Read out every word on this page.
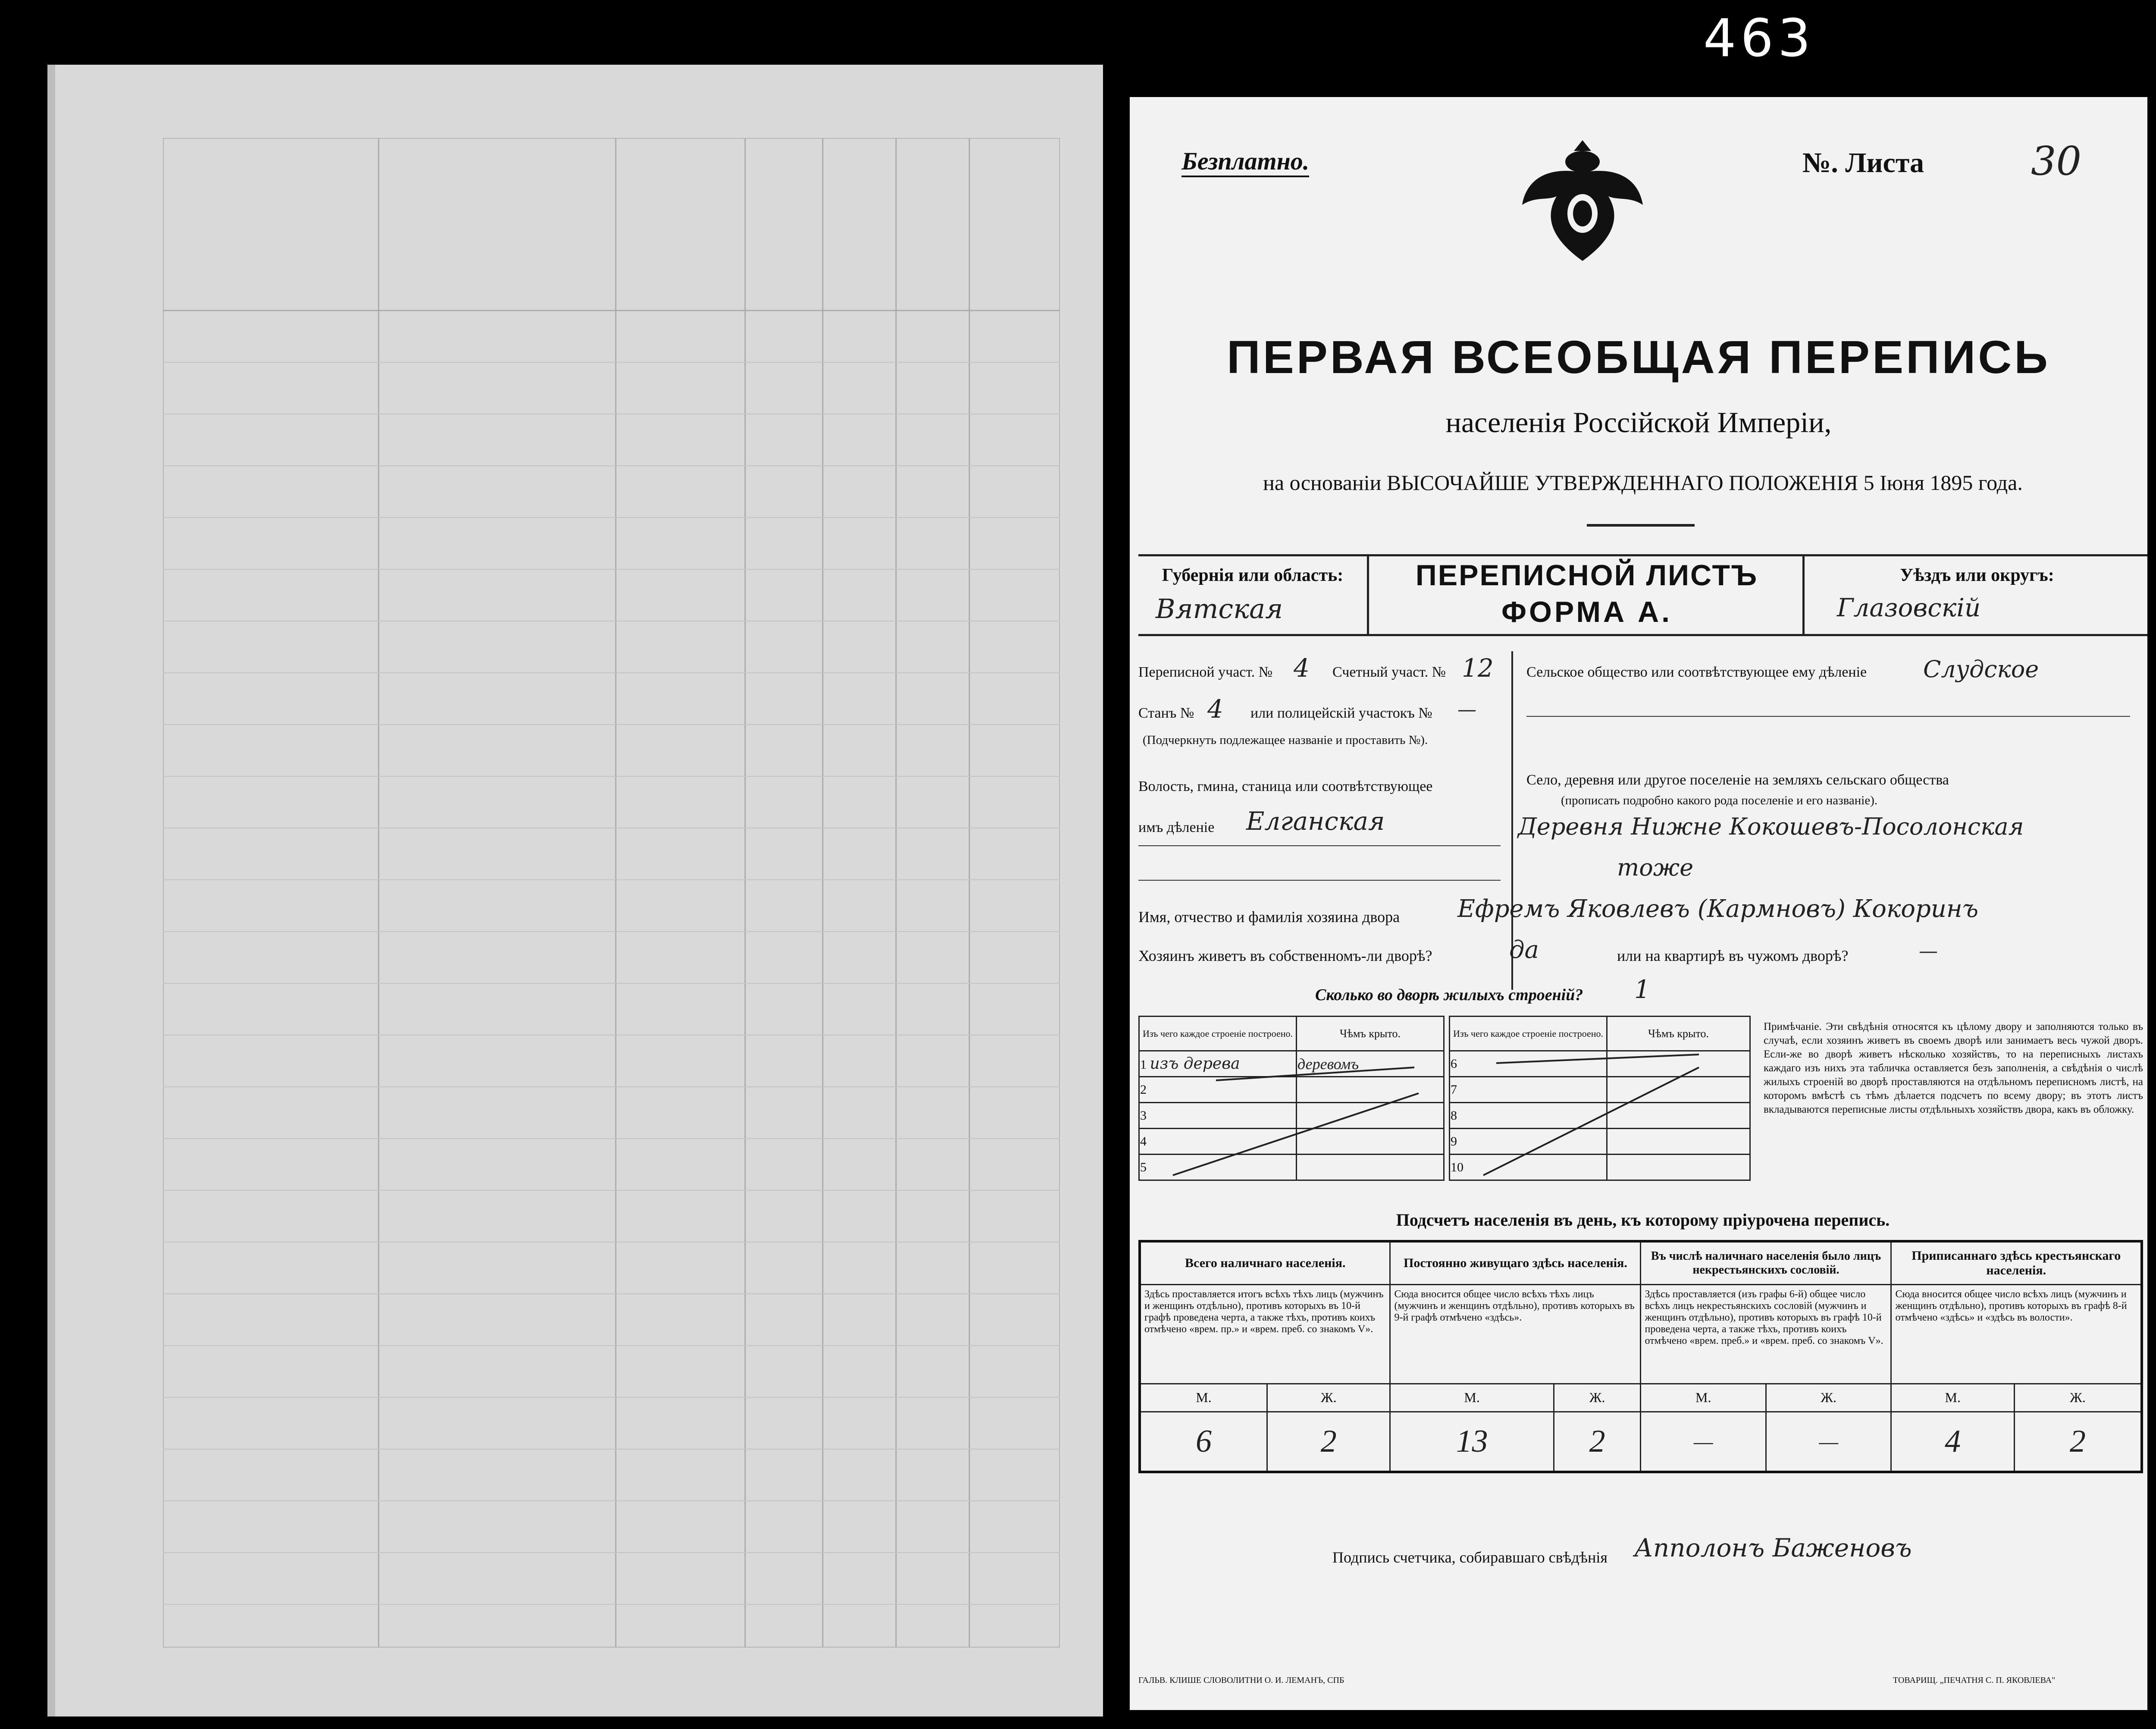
463
Безплатно.	№. Листа	30
ПЕРВАЯ ВСЕОБЩАЯ ПЕРЕПИСЬ
населенія Россійской Имперіи,
на основаніи ВЫСОЧАЙШЕ УТВЕРЖДЕННАГО ПОЛОЖЕНІЯ 5 Іюня 1895 года.
Губернія или область:
Вятская
ПЕРЕПИСНОЙ ЛИСТЪ
ФОРМА А.
Уѣздъ или округъ:
Глазовскій
Переписной участ. № 4 Счетный участ. № 12
Станъ № 4 или полицейскій участокъ № —
(Подчеркнуть подлежащее названіе и проставить №).
Волость, гмина, станица или соотвѣтствующее
имъ дѣленіе Елганская
Сельское общество или соотвѣтствующее ему дѣленіе Слудское
Село, деревня или другое поселеніе на земляхъ сельскаго общества
(прописать подробно какого рода поселеніе и его названіе).
Деревня Нижне Кокошевъ-Посолонская
тоже
Имя, отчество и фамилія хозяина двора Ефремъ Яковлевъ (Кармновъ) Кокоринъ
Хозяинъ живетъ въ собственномъ-ли дворѣ?	да	или на квартирѣ въ чужомъ дворѣ?	—
Сколько во дворѣ жилыхъ строеній? 1
Изъ чего каждое строеніе построено.	Чѣмъ крыто.
1 изъ дерева	деревомъ
2	
3	
4	
5	
Изъ чего каждое строеніе построено.	Чѣмъ крыто.
6	
7	
8	
9	
10	
Примѣчаніе. Эти свѣдѣнія относятся къ цѣлому двору и заполняются только въ случаѣ, если хозяинъ живетъ въ своемъ дворѣ или занимаетъ весь чужой дворъ. Если-же во дворѣ живетъ нѣсколько хозяйствъ, то на переписныхъ листахъ каждаго изъ нихъ эта табличка оставляется безъ заполненія, а свѣдѣнія о числѣ жилыхъ строеній во дворѣ проставляются на отдѣльномъ переписномъ листѣ, на которомъ вмѣстѣ съ тѣмъ дѣлается подсчетъ по всему двору; въ этотъ листъ вкладываются переписные листы отдѣльныхъ хозяйствъ двора, какъ въ обложку.
Подсчетъ населенія въ день, къ которому пріурочена перепись.
Всего наличнаго населенія.		Постоянно живущаго здѣсь населенія.		Въ числѣ наличнаго населенія было лицъ некрестьянскихъ сословій.		Приписаннаго здѣсь крестьянскаго населенія.	
Здѣсь проставляется итогъ всѣхъ тѣхъ лицъ (мужчинъ и женщинъ отдѣльно), противъ которыхъ въ 10-й графѣ проведена черта, а также тѣхъ, противъ коихъ отмѣчено «врем. пр.» и «врем. преб. со знакомъ V».		Сюда вносится общее число всѣхъ тѣхъ лицъ (мужчинъ и женщинъ отдѣльно), противъ которыхъ въ 9-й графѣ отмѣчено «здѣсь».		Здѣсь проставляется (изъ графы 6-й) общее число всѣхъ лицъ некрестьянскихъ сословій (мужчинъ и женщинъ отдѣльно), противъ которыхъ въ графѣ 10-й проведена черта, а также тѣхъ, противъ коихъ отмѣчено «врем. преб.» и «врем. преб. со знакомъ V».		Сюда вносится общее число всѣхъ лицъ (мужчинъ и женщинъ отдѣльно), противъ которыхъ въ графѣ 8-й отмѣчено «здѣсь» и «здѣсь въ волости».	
М.	Ж.	М.	Ж.	М.	Ж.	М.	Ж.
6	2	13	2	—	—	4	2
Подпись счетчика, собиравшаго свѣдѣнія Апполонъ Баженовъ
ГАЛЬВ. КЛИШЕ СЛОВОЛИТНИ О. И. ЛЕМАНЪ, СПБ	ТОВАРИЩ. „ПЕЧАТНЯ С. П. ЯКОВЛЕВА"
